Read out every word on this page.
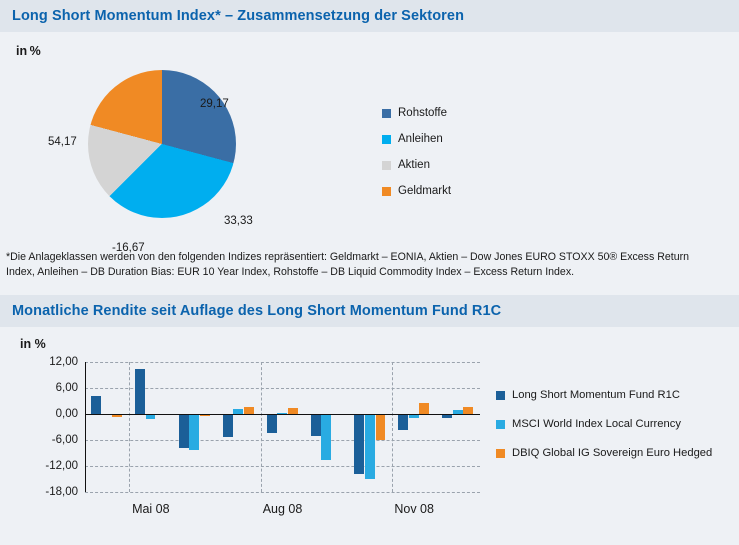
Long Short Momentum Index* – Zusammensetzung der Sektoren
in %
29,17
33,33
-16,67
54,17
Rohstoffe
Anleihen
Aktien
Geldmarkt
*Die Anlageklassen werden von den folgenden Indizes repräsentiert: Geldmarkt – EONIA, Aktien – Dow Jones EURO STOXX 50® Excess Return Index, Anleihen – DB Duration Bias: EUR 10 Year Index, Rohstoffe – DB Liquid Commodity Index – Excess Return Index.
Monatliche Rendite seit Auflage des Long Short Momentum Fund R1C
in %
12,00
6,00
0,00
-6,00
-12,00
-18,00
Mai 08	Aug 08	Nov 08
Long Short Momentum Fund R1C
MSCI World Index Local Currency
DBIQ Global IG Sovereign Euro Hedged
